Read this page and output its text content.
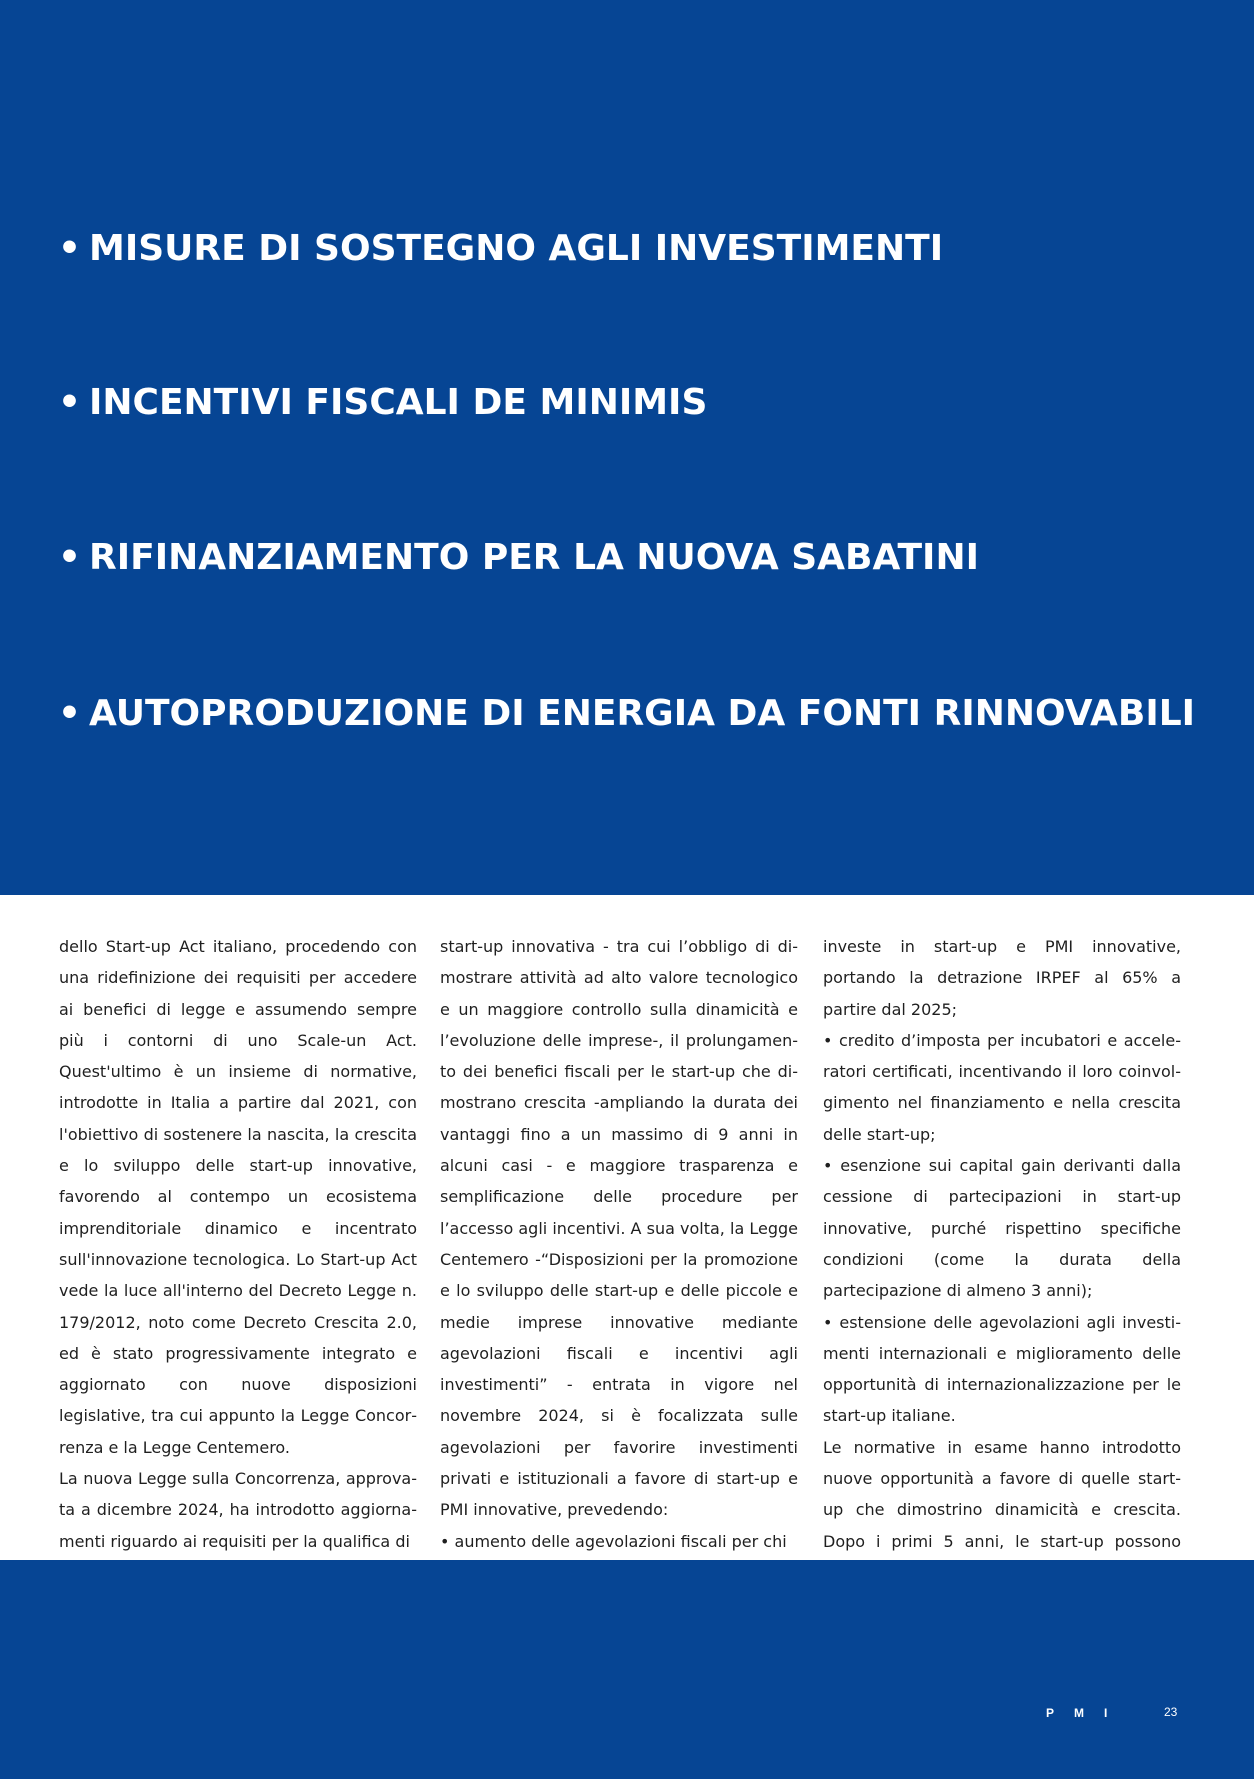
• MISURE DI SOSTEGNO AGLI INVESTIMENTI
• INCENTIVI FISCALI DE MINIMIS
• RIFINANZIAMENTO PER LA NUOVA SABATINI
• AUTOPRODUZIONE DI ENERGIA DA FONTI RINNOVABILI

dello Start-up Act italiano, procedendo con una ridefinizione dei requisiti per accedere ai benefici di legge e assumendo sempre più i contorni di uno Scale-un Act. Quest'ultimo è un insieme di normative, introdotte in Italia a partire dal 2021, con l'obiettivo di sostenere la nascita, la crescita e lo sviluppo delle start-up innovative, favorendo al contempo un ecosistema imprenditoriale dinamico e incentrato sull'innovazione tecnologica. Lo Start-up Act vede la luce all'interno del Decreto Legge n. 179/2012, noto come Decreto Crescita 2.0, ed è stato progressivamente integrato e aggiornato con nuove disposizioni legislative, tra cui appunto la Legge Concorrenza e la Legge Centemero.

La nuova Legge sulla Concorrenza, approvata a dicembre 2024, ha introdotto aggiornamenti riguardo ai requisiti per la qualifica di

start-up innovativa - tra cui l’obbligo di dimostrare attività ad alto valore tecnologico e un maggiore controllo sulla dinamicità e l’evoluzione delle imprese-, il prolungamento dei benefici fiscali per le start-up che dimostrano crescita -ampliando la durata dei vantaggi fino a un massimo di 9 anni in alcuni casi - e maggiore trasparenza e semplificazione delle procedure per l’accesso agli incentivi. A sua volta, la Legge Centemero -“Disposizioni per la promozione e lo sviluppo delle start-up e delle piccole e medie imprese innovative mediante agevolazioni fiscali e incentivi agli investimenti” - entrata in vigore nel novembre 2024, si è focalizzata sulle agevolazioni per favorire investimenti privati e istituzionali a favore di start-up e PMI innovative, prevedendo:

• aumento delle agevolazioni fiscali per chi

investe in start-up e PMI innovative, portando la detrazione IRPEF al 65% a partire dal 2025;

• credito d’imposta per incubatori e acceleratori certificati, incentivando il loro coinvolgimento nel finanziamento e nella crescita delle start-up;

• esenzione sui capital gain derivanti dalla cessione di partecipazioni in start-up innovative, purché rispettino specifiche condizioni (come la durata della partecipazione di almeno 3 anni);

• estensione delle agevolazioni agli investimenti internazionali e miglioramento delle opportunità di internazionalizzazione per le start-up italiane.

Le normative in esame hanno introdotto nuove opportunità a favore di quelle start-up che dimostrino dinamicità e crescita. Dopo i primi 5 anni, le start-up possono

PMI	23
